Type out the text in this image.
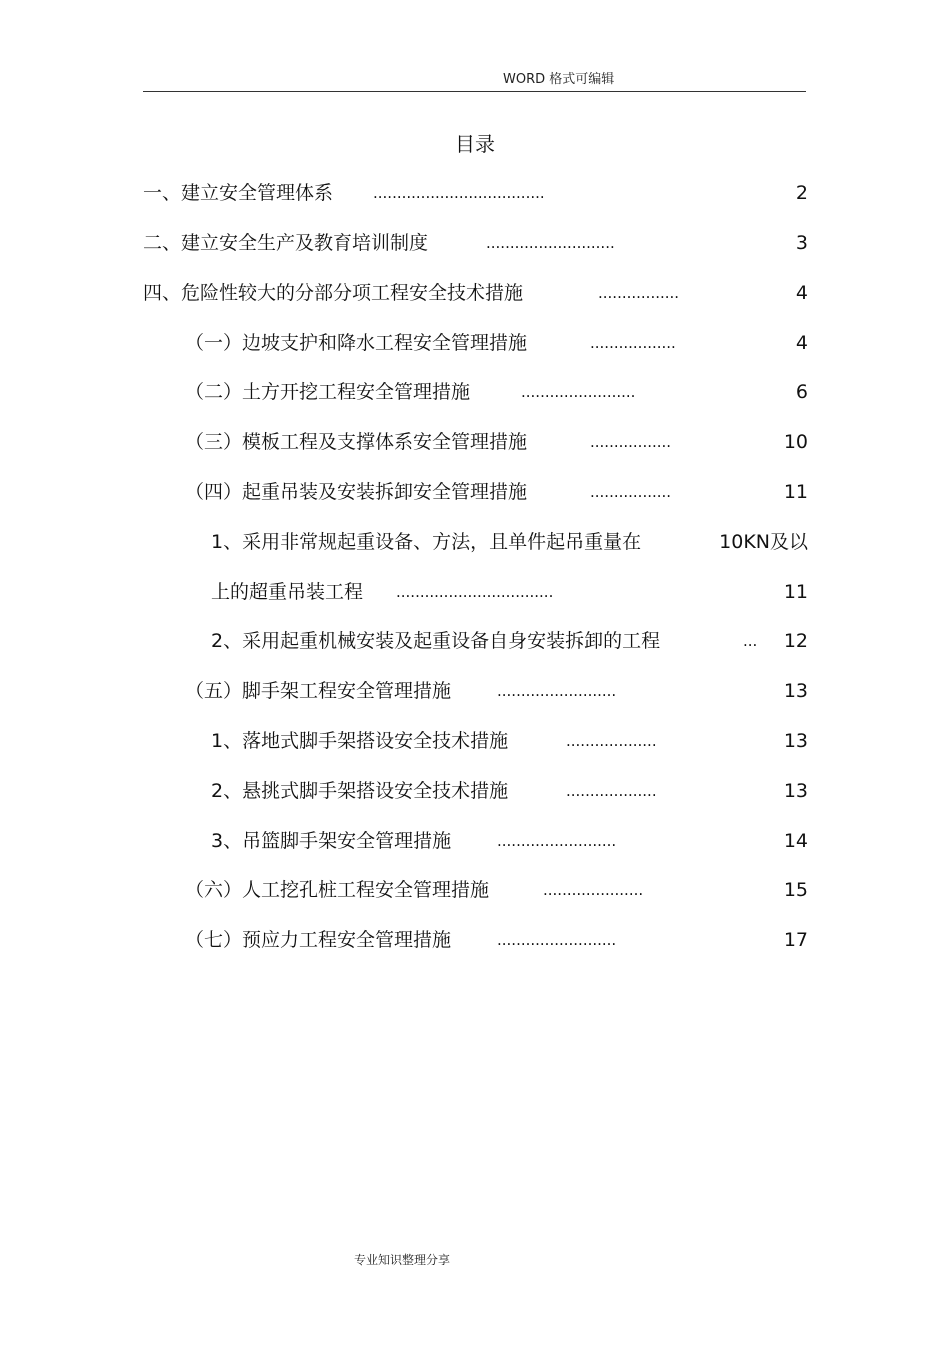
WORD 格式可编辑
目录
一、建立安全管理体系	....................................	2
二、建立安全生产及教育培训制度	...........................	3
四、危险性较大的分部分项工程安全技术措施	.................	4
（一）边坡支护和降水工程安全管理措施	..................	4
（二）土方开挖工程安全管理措施	........................	6
（三）模板工程及支撑体系安全管理措施	.................	10
（四）起重吊装及安装拆卸安全管理措施	.................	11
1、采用非常规起重设备、方法，且单件起吊重量在	10KN及以
上的超重吊装工程 .................................	11
2、采用起重机械安装及起重设备自身安装拆卸的工程	... 12
（五）脚手架工程安全管理措施	.........................	13
1、落地式脚手架搭设安全技术措施	...................	13
2、悬挑式脚手架搭设安全技术措施	...................	13
3、吊篮脚手架安全管理措施	.........................	14
（六）人工挖孔桩工程安全管理措施	.....................	15
（七）预应力工程安全管理措施	.........................	17
专业知识整理分享
